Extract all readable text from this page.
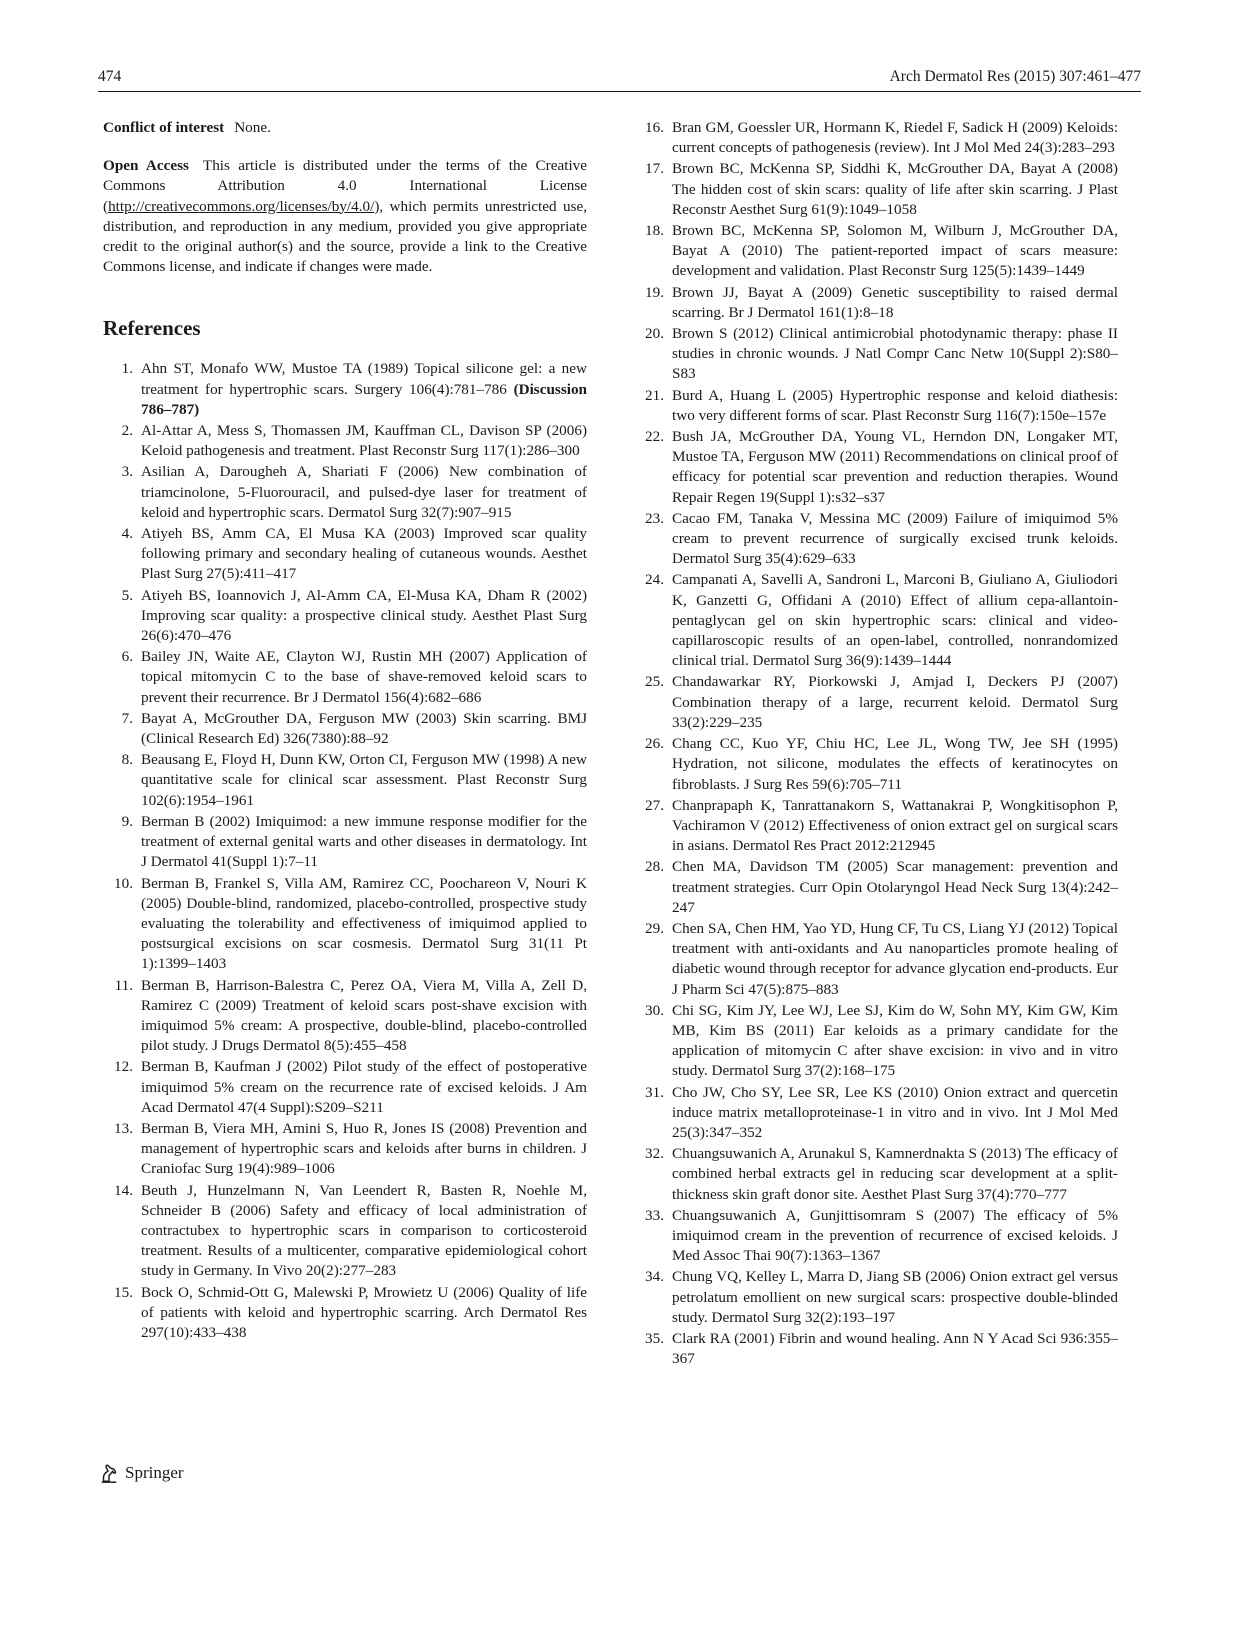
474	Arch Dermatol Res (2015) 307:461–477

Conflict of interest None.

Open Access This article is distributed under the terms of the Creative Commons Attribution 4.0 International License (http://creativecommons.org/licenses/by/4.0/), which permits unrestricted use, distribution, and reproduction in any medium, provided you give appropriate credit to the original author(s) and the source, provide a link to the Creative Commons license, and indicate if changes were made.

References
1. Ahn ST, Monafo WW, Mustoe TA (1989) Topical silicone gel: a new treatment for hypertrophic scars. Surgery 106(4):781–786 (Discussion 786–787)
2. Al-Attar A, Mess S, Thomassen JM, Kauffman CL, Davison SP (2006) Keloid pathogenesis and treatment. Plast Reconstr Surg 117(1):286–300
3. Asilian A, Darougheh A, Shariati F (2006) New combination of triamcinolone, 5-Fluorouracil, and pulsed-dye laser for treatment of keloid and hypertrophic scars. Dermatol Surg 32(7):907–915
4. Atiyeh BS, Amm CA, El Musa KA (2003) Improved scar quality following primary and secondary healing of cutaneous wounds. Aesthet Plast Surg 27(5):411–417
5. Atiyeh BS, Ioannovich J, Al-Amm CA, El-Musa KA, Dham R (2002) Improving scar quality: a prospective clinical study. Aesthet Plast Surg 26(6):470–476
6. Bailey JN, Waite AE, Clayton WJ, Rustin MH (2007) Application of topical mitomycin C to the base of shave-removed keloid scars to prevent their recurrence. Br J Dermatol 156(4):682–686
7. Bayat A, McGrouther DA, Ferguson MW (2003) Skin scarring. BMJ (Clinical Research Ed) 326(7380):88–92
8. Beausang E, Floyd H, Dunn KW, Orton CI, Ferguson MW (1998) A new quantitative scale for clinical scar assessment. Plast Reconstr Surg 102(6):1954–1961
9. Berman B (2002) Imiquimod: a new immune response modifier for the treatment of external genital warts and other diseases in dermatology. Int J Dermatol 41(Suppl 1):7–11
10. Berman B, Frankel S, Villa AM, Ramirez CC, Poochareon V, Nouri K (2005) Double-blind, randomized, placebo-controlled, prospective study evaluating the tolerability and effectiveness of imiquimod applied to postsurgical excisions on scar cosmesis. Dermatol Surg 31(11 Pt 1):1399–1403
11. Berman B, Harrison-Balestra C, Perez OA, Viera M, Villa A, Zell D, Ramirez C (2009) Treatment of keloid scars post-shave excision with imiquimod 5% cream: A prospective, double-blind, placebo-controlled pilot study. J Drugs Dermatol 8(5):455–458
12. Berman B, Kaufman J (2002) Pilot study of the effect of postoperative imiquimod 5% cream on the recurrence rate of excised keloids. J Am Acad Dermatol 47(4 Suppl):S209–S211
13. Berman B, Viera MH, Amini S, Huo R, Jones IS (2008) Prevention and management of hypertrophic scars and keloids after burns in children. J Craniofac Surg 19(4):989–1006
14. Beuth J, Hunzelmann N, Van Leendert R, Basten R, Noehle M, Schneider B (2006) Safety and efficacy of local administration of contractubex to hypertrophic scars in comparison to corticosteroid treatment. Results of a multicenter, comparative epidemiological cohort study in Germany. In Vivo 20(2):277–283
15. Bock O, Schmid-Ott G, Malewski P, Mrowietz U (2006) Quality of life of patients with keloid and hypertrophic scarring. Arch Dermatol Res 297(10):433–438
16. Bran GM, Goessler UR, Hormann K, Riedel F, Sadick H (2009) Keloids: current concepts of pathogenesis (review). Int J Mol Med 24(3):283–293
17. Brown BC, McKenna SP, Siddhi K, McGrouther DA, Bayat A (2008) The hidden cost of skin scars: quality of life after skin scarring. J Plast Reconstr Aesthet Surg 61(9):1049–1058
18. Brown BC, McKenna SP, Solomon M, Wilburn J, McGrouther DA, Bayat A (2010) The patient-reported impact of scars measure: development and validation. Plast Reconstr Surg 125(5):1439–1449
19. Brown JJ, Bayat A (2009) Genetic susceptibility to raised dermal scarring. Br J Dermatol 161(1):8–18
20. Brown S (2012) Clinical antimicrobial photodynamic therapy: phase II studies in chronic wounds. J Natl Compr Canc Netw 10(Suppl 2):S80–S83
21. Burd A, Huang L (2005) Hypertrophic response and keloid diathesis: two very different forms of scar. Plast Reconstr Surg 116(7):150e–157e
22. Bush JA, McGrouther DA, Young VL, Herndon DN, Longaker MT, Mustoe TA, Ferguson MW (2011) Recommendations on clinical proof of efficacy for potential scar prevention and reduction therapies. Wound Repair Regen 19(Suppl 1):s32–s37
23. Cacao FM, Tanaka V, Messina MC (2009) Failure of imiquimod 5% cream to prevent recurrence of surgically excised trunk keloids. Dermatol Surg 35(4):629–633
24. Campanati A, Savelli A, Sandroni L, Marconi B, Giuliano A, Giuliodori K, Ganzetti G, Offidani A (2010) Effect of allium cepa-allantoin-pentaglycan gel on skin hypertrophic scars: clinical and video-capillaroscopic results of an open-label, controlled, nonrandomized clinical trial. Dermatol Surg 36(9):1439–1444
25. Chandawarkar RY, Piorkowski J, Amjad I, Deckers PJ (2007) Combination therapy of a large, recurrent keloid. Dermatol Surg 33(2):229–235
26. Chang CC, Kuo YF, Chiu HC, Lee JL, Wong TW, Jee SH (1995) Hydration, not silicone, modulates the effects of keratinocytes on fibroblasts. J Surg Res 59(6):705–711
27. Chanprapaph K, Tanrattanakorn S, Wattanakrai P, Wongkitisophon P, Vachiramon V (2012) Effectiveness of onion extract gel on surgical scars in asians. Dermatol Res Pract 2012:212945
28. Chen MA, Davidson TM (2005) Scar management: prevention and treatment strategies. Curr Opin Otolaryngol Head Neck Surg 13(4):242–247
29. Chen SA, Chen HM, Yao YD, Hung CF, Tu CS, Liang YJ (2012) Topical treatment with anti-oxidants and Au nanoparticles promote healing of diabetic wound through receptor for advance glycation end-products. Eur J Pharm Sci 47(5):875–883
30. Chi SG, Kim JY, Lee WJ, Lee SJ, Kim do W, Sohn MY, Kim GW, Kim MB, Kim BS (2011) Ear keloids as a primary candidate for the application of mitomycin C after shave excision: in vivo and in vitro study. Dermatol Surg 37(2):168–175
31. Cho JW, Cho SY, Lee SR, Lee KS (2010) Onion extract and quercetin induce matrix metalloproteinase-1 in vitro and in vivo. Int J Mol Med 25(3):347–352
32. Chuangsuwanich A, Arunakul S, Kamnerdnakta S (2013) The efficacy of combined herbal extracts gel in reducing scar development at a split-thickness skin graft donor site. Aesthet Plast Surg 37(4):770–777
33. Chuangsuwanich A, Gunjittisomram S (2007) The efficacy of 5% imiquimod cream in the prevention of recurrence of excised keloids. J Med Assoc Thai 90(7):1363–1367
34. Chung VQ, Kelley L, Marra D, Jiang SB (2006) Onion extract gel versus petrolatum emollient on new surgical scars: prospective double-blinded study. Dermatol Surg 32(2):193–197
35. Clark RA (2001) Fibrin and wound healing. Ann N Y Acad Sci 936:355–367
Springer
